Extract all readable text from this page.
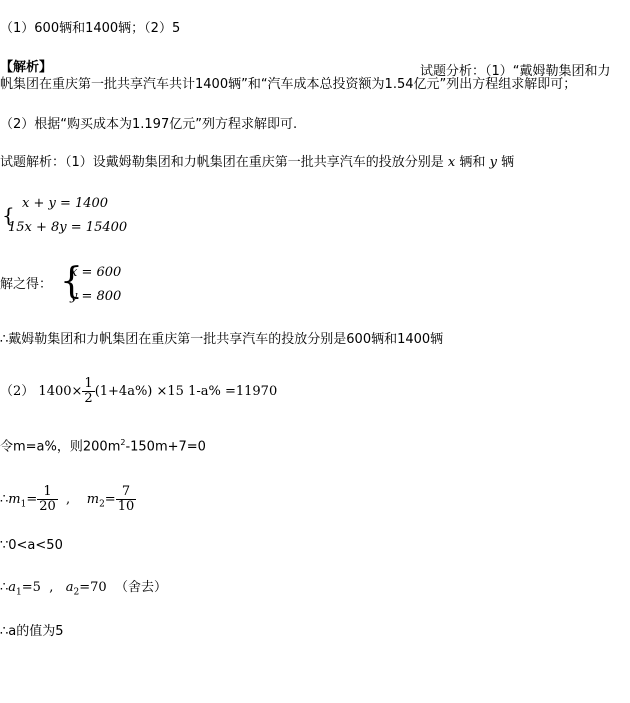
（1）600辆和1400辆；（2）5
【解析】	试题分析：（1）“戴姆勒集团和力
帆集团在重庆第一批共享汽车共计1400辆”和“汽车成本总投资额为1.54亿元”列出方程组求解即可；
（2）根据“购买成本为1.197亿元”列方程求解即可.
试题解析：（1）设戴姆勒集团和力帆集团在重庆第一批共享汽车的投放分别是 x 辆和 y 辆
{ x + y = 1400
15x + 8y = 15400
解之得： {
x = 600
y = 800
∴戴姆勒集团和力帆集团在重庆第一批共享汽车的投放分别是600辆和1400辆
（2） $1400\times \frac{1}{2} (1+4a\%) \times 15$ 1-a% =11970
令m=a%，则$200m^2-150m+7=0$
$\therefore m_1= \frac{1}{20}$ ,    $m_2= \frac{7}{10}$
∵0<a<50
$\therefore a_1=5$  ,   $a_2=70$ （舍去）
∴a的值为5
